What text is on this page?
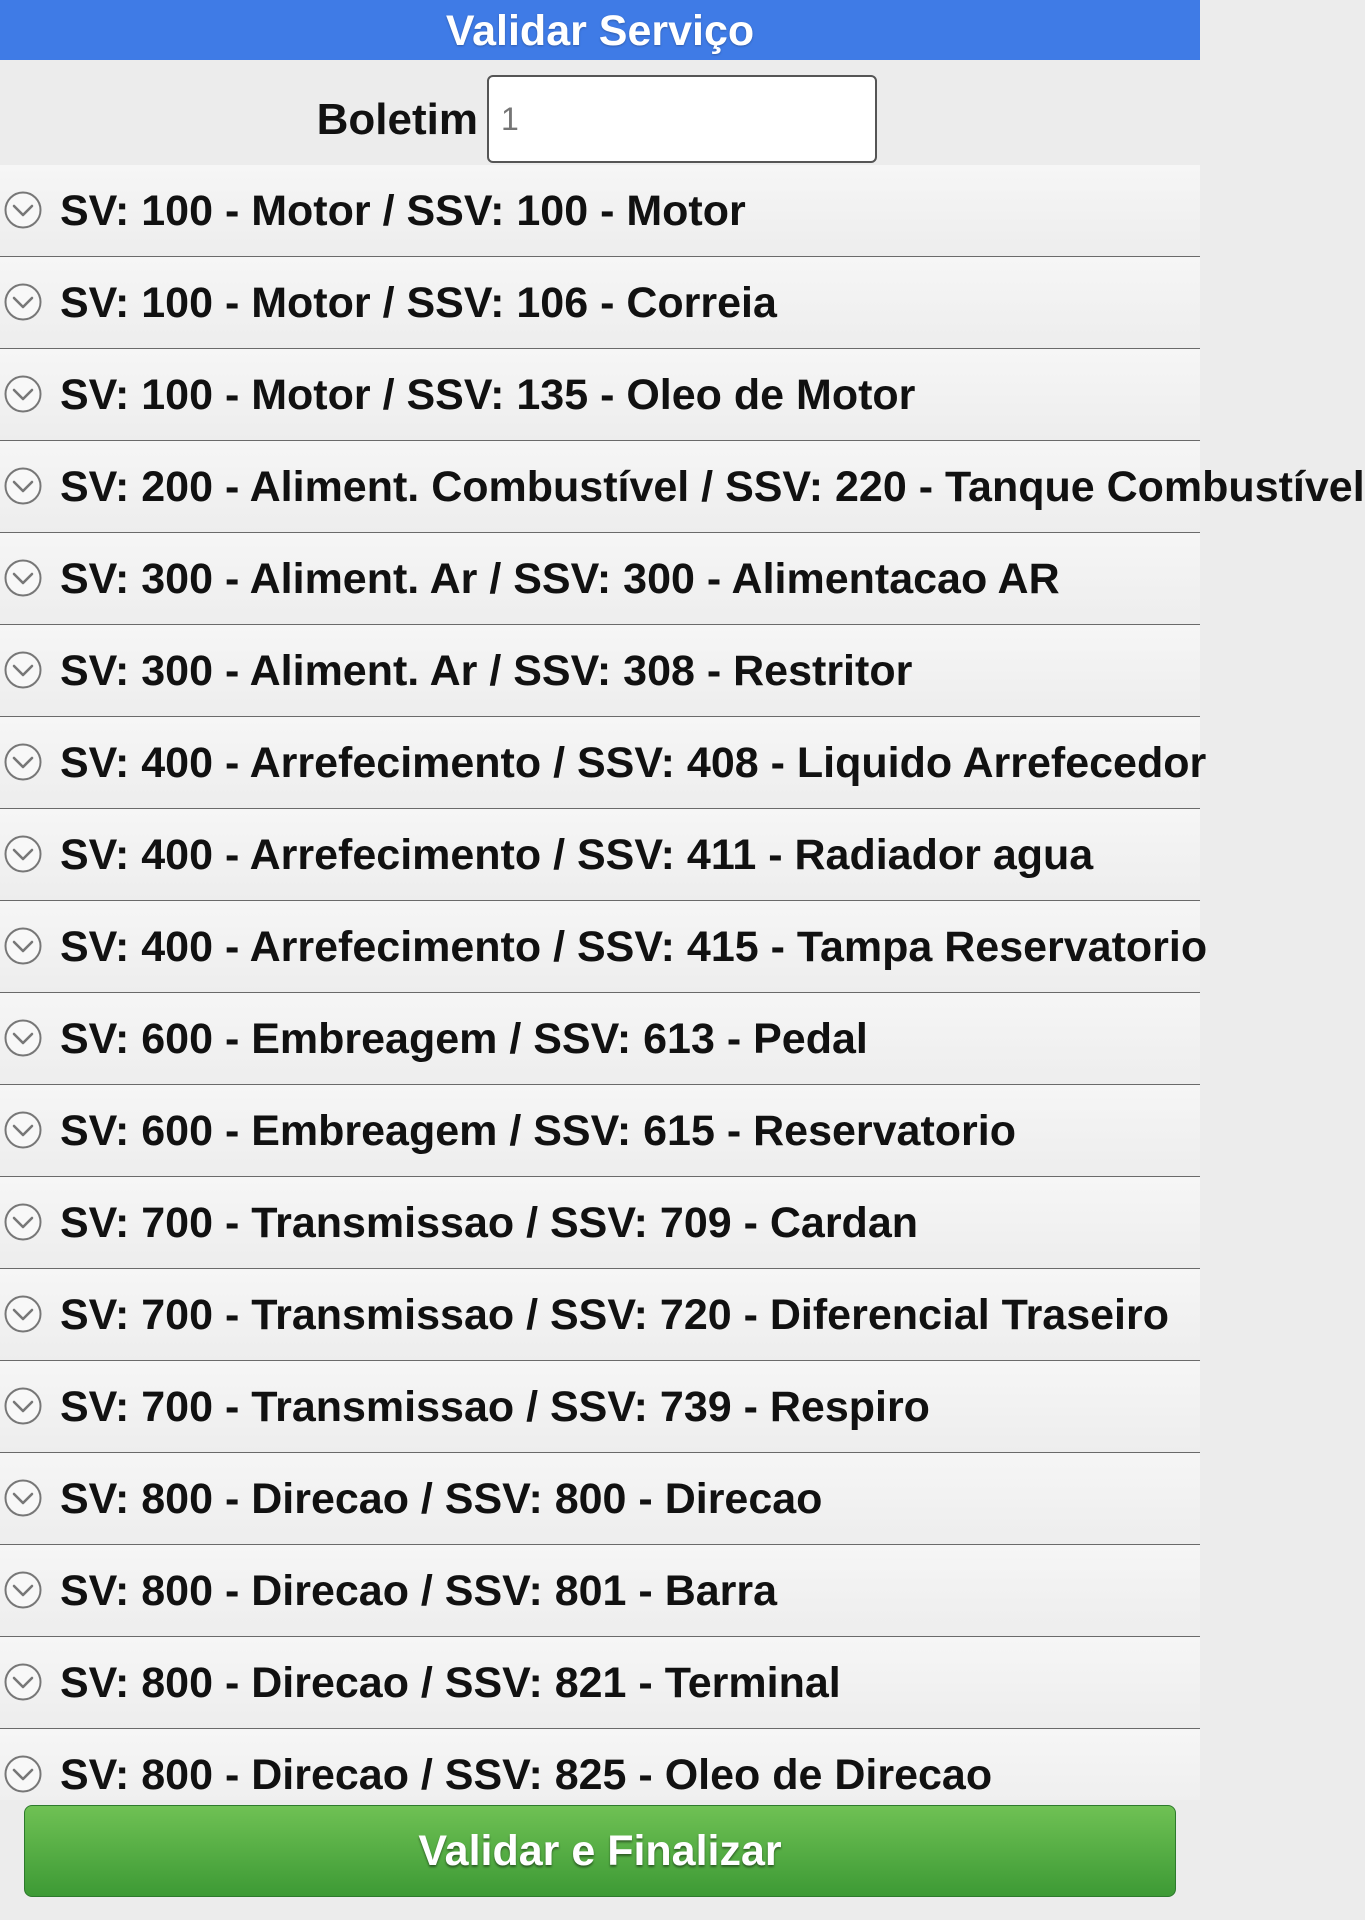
Validar Serviço
Boletim
1
SV: 100 - Motor / SSV: 100 - Motor
SV: 100 - Motor / SSV: 106 - Correia
SV: 100 - Motor / SSV: 135 - Oleo de Motor
SV: 200 - Aliment. Combustível / SSV: 220 - Tanque Combustível
SV: 300 - Aliment. Ar / SSV: 300 - Alimentacao AR
SV: 300 - Aliment. Ar / SSV: 308 - Restritor
SV: 400 - Arrefecimento / SSV: 408 - Liquido Arrefecedor
SV: 400 - Arrefecimento / SSV: 411 - Radiador agua
SV: 400 - Arrefecimento / SSV: 415 - Tampa Reservatorio
SV: 600 - Embreagem / SSV: 613 - Pedal
SV: 600 - Embreagem / SSV: 615 - Reservatorio
SV: 700 - Transmissao / SSV: 709 - Cardan
SV: 700 - Transmissao / SSV: 720 - Diferencial Traseiro
SV: 700 - Transmissao / SSV: 739 - Respiro
SV: 800 - Direcao / SSV: 800 - Direcao
SV: 800 - Direcao / SSV: 801 - Barra
SV: 800 - Direcao / SSV: 821 - Terminal
SV: 800 - Direcao / SSV: 825 - Oleo de Direcao
Validar e Finalizar
